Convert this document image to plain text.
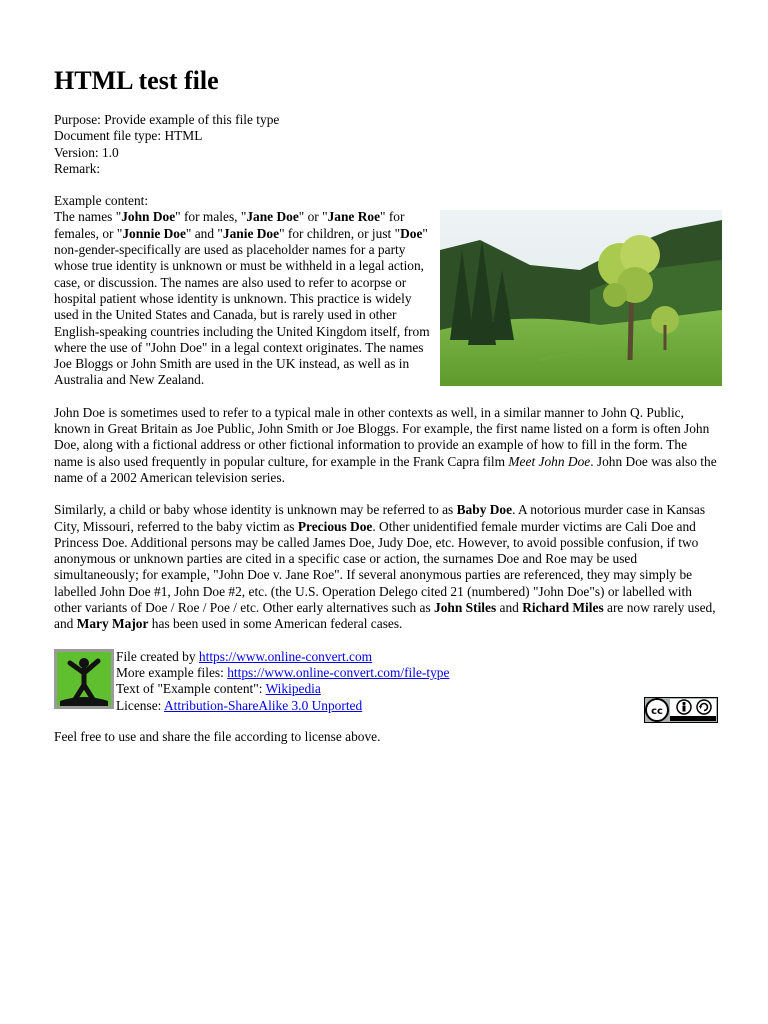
HTML test file
Purpose: Provide example of this file type
Document file type: HTML
Version: 1.0
Remark:
Example content:

The names "John Doe" for males, "Jane Doe" or "Jane Roe" for females, or "Jonnie Doe" and "Janie Doe" for children, or just "Doe" non-gender-specifically are used as placeholder names for a party whose true identity is unknown or must be withheld in a legal action, case, or discussion. The names are also used to refer to acorpse or hospital patient whose identity is unknown. This practice is widely used in the United States and Canada, but is rarely used in other English-speaking countries including the United Kingdom itself, from where the use of "John Doe" in a legal context originates. The names Joe Bloggs or John Smith are used in the UK instead, as well as in Australia and New Zealand.

John Doe is sometimes used to refer to a typical male in other contexts as well, in a similar manner to John Q. Public, known in Great Britain as Joe Public, John Smith or Joe Bloggs. For example, the first name listed on a form is often John Doe, along with a fictional address or other fictional information to provide an example of how to fill in the form. The name is also used frequently in popular culture, for example in the Frank Capra film Meet John Doe. John Doe was also the name of a 2002 American television series.

Similarly, a child or baby whose identity is unknown may be referred to as Baby Doe. A notorious murder case in Kansas City, Missouri, referred to the baby victim as Precious Doe. Other unidentified female murder victims are Cali Doe and Princess Doe. Additional persons may be called James Doe, Judy Doe, etc. However, to avoid possible confusion, if two anonymous or unknown parties are cited in a specific case or action, the surnames Doe and Roe may be used simultaneously; for example, "John Doe v. Jane Roe". If several anonymous parties are referenced, they may simply be labelled John Doe #1, John Doe #2, etc. (the U.S. Operation Delego cited 21 (numbered) "John Doe"s) or labelled with other variants of Doe / Roe / Poe / etc. Other early alternatives such as John Stiles and Richard Miles are now rarely used, and Mary Major has been used in some American federal cases.

File created by https://www.online-convert.com
More example files: https://www.online-convert.com/file-type
Text of "Example content": Wikipedia
License: Attribution-ShareAlike 3.0 Unported	cc
Feel free to use and share the file according to license above.
